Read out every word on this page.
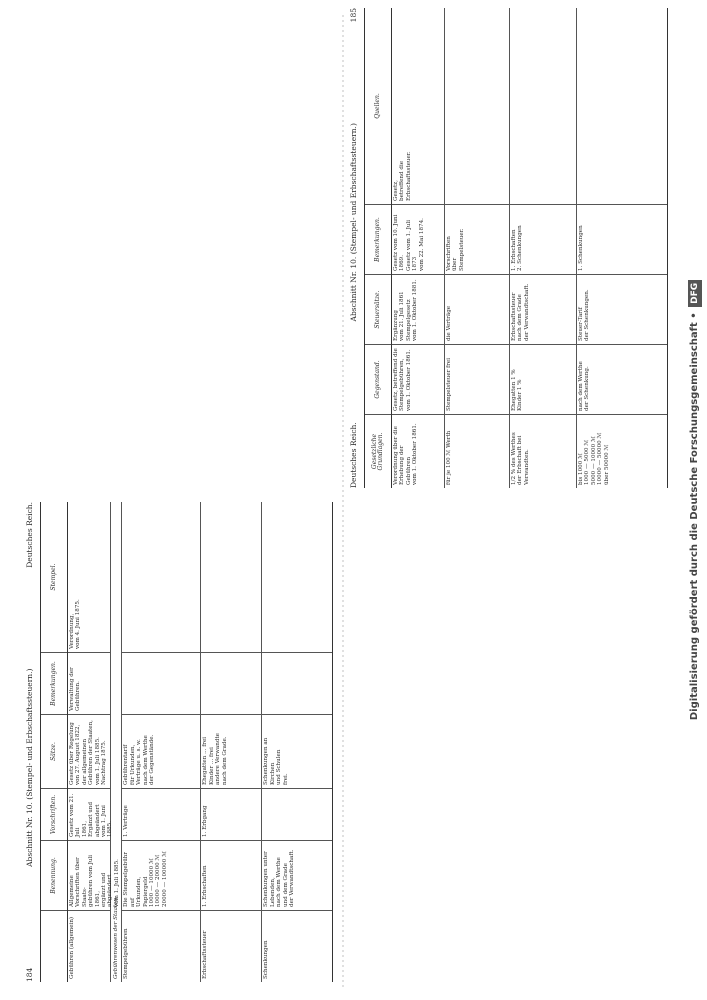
184
Abschnitt Nr. 10. (Stempel- und Erbschaftssteuern.)
Deutsches Reich.
Benennung.
Vorschriften.
Sätze.
Bemerkungen.
Stempel.
Gebühren (allgemein)
Allgemeine Vorschriften über Staats-
gebühren vom Juli 1861,
ergänzt und abgeändert
vom 1. Juli 1885.
Gesetz vom 21. Juli
1861,
Ergänzt und
abgeändert
vom 1. Juni 1885.
Gesetz über Regelung von 27. August 1822,
der allgemeinen Gebühren der Staaten,
vom 1. Juli 1885. Nachtrag 1875.
Verwaltung der
Gebühren.
Verordnung,
vom 4. Juni 1875.
Gebührenwesen der Staaten Stempelgebühren
Die Stempelgebühr auf
Urkunden,
Papiergeld
1000 — 10000 ℳ
10000 — 20000 ℳ
20000 — 100000 ℳ
1. Verträge
Gebührentarif
für Urkunden,
Verträge u. s. w.
nach dem Werthe
der Gegenstände.
Erbschaftssteuer
1. Erbschaften
1. Erbgang
Ehegatten ... frei
Kinder ... frei
andere Verwandte
nach dem Grade.
Schenkungen
Schenkungen unter
Lebenden,
nach dem Werthe
und dem Grade
der Verwandtschaft.
Schenkungen an
Kirchen
und Schulen
frei.
Deutsches Reich.
Abschnitt Nr. 10. (Stempel- und Erbschaftssteuern.)
185
Gesetzliche Grundlagen.
Gegenstand.
Steuersätze.
Bemerkungen.
Quellen.
Verordnung über die Erhebung der
Gebühren
vom 1. Oktober 1861.
Gesetz, betreffend die
Stempelgebühren,
vom 1. Oktober 1861.
Ergänzung
vom 21. Juli 1861
Stempelgesetz
vom 1. Oktober 1881.
Gesetz vom 10. Juni 1869.
Gesetz vom 1. Juli 1873
vom 22. Mai 1874.
Gesetz,
betreffend die
Erbschaftssteuer.
für je 100 ℳ Werth
Stempelsteuer frei
die Verträge
Vorschriften
über
Stempelsteuer.
1/2 % des Werthes
der Erbschaft bei
Verwandten.
Ehegatten 1 %
Kinder 1 %
Erbschaftssteuer
nach dem Grade
der Verwandtschaft.
1. Erbschaften
2. Schenkungen
bis 1000 ℳ
1000 — 5000 ℳ
5000 — 10000 ℳ
10000 — 50000 ℳ
über 50000 ℳ
nach dem Werthe
der Schenkung.
Steuer-Tarif
der Schenkungen.
1. Schenkungen
Digitalisierung gefördert durch die Deutsche Forschungsgemeinschaft • DFG
